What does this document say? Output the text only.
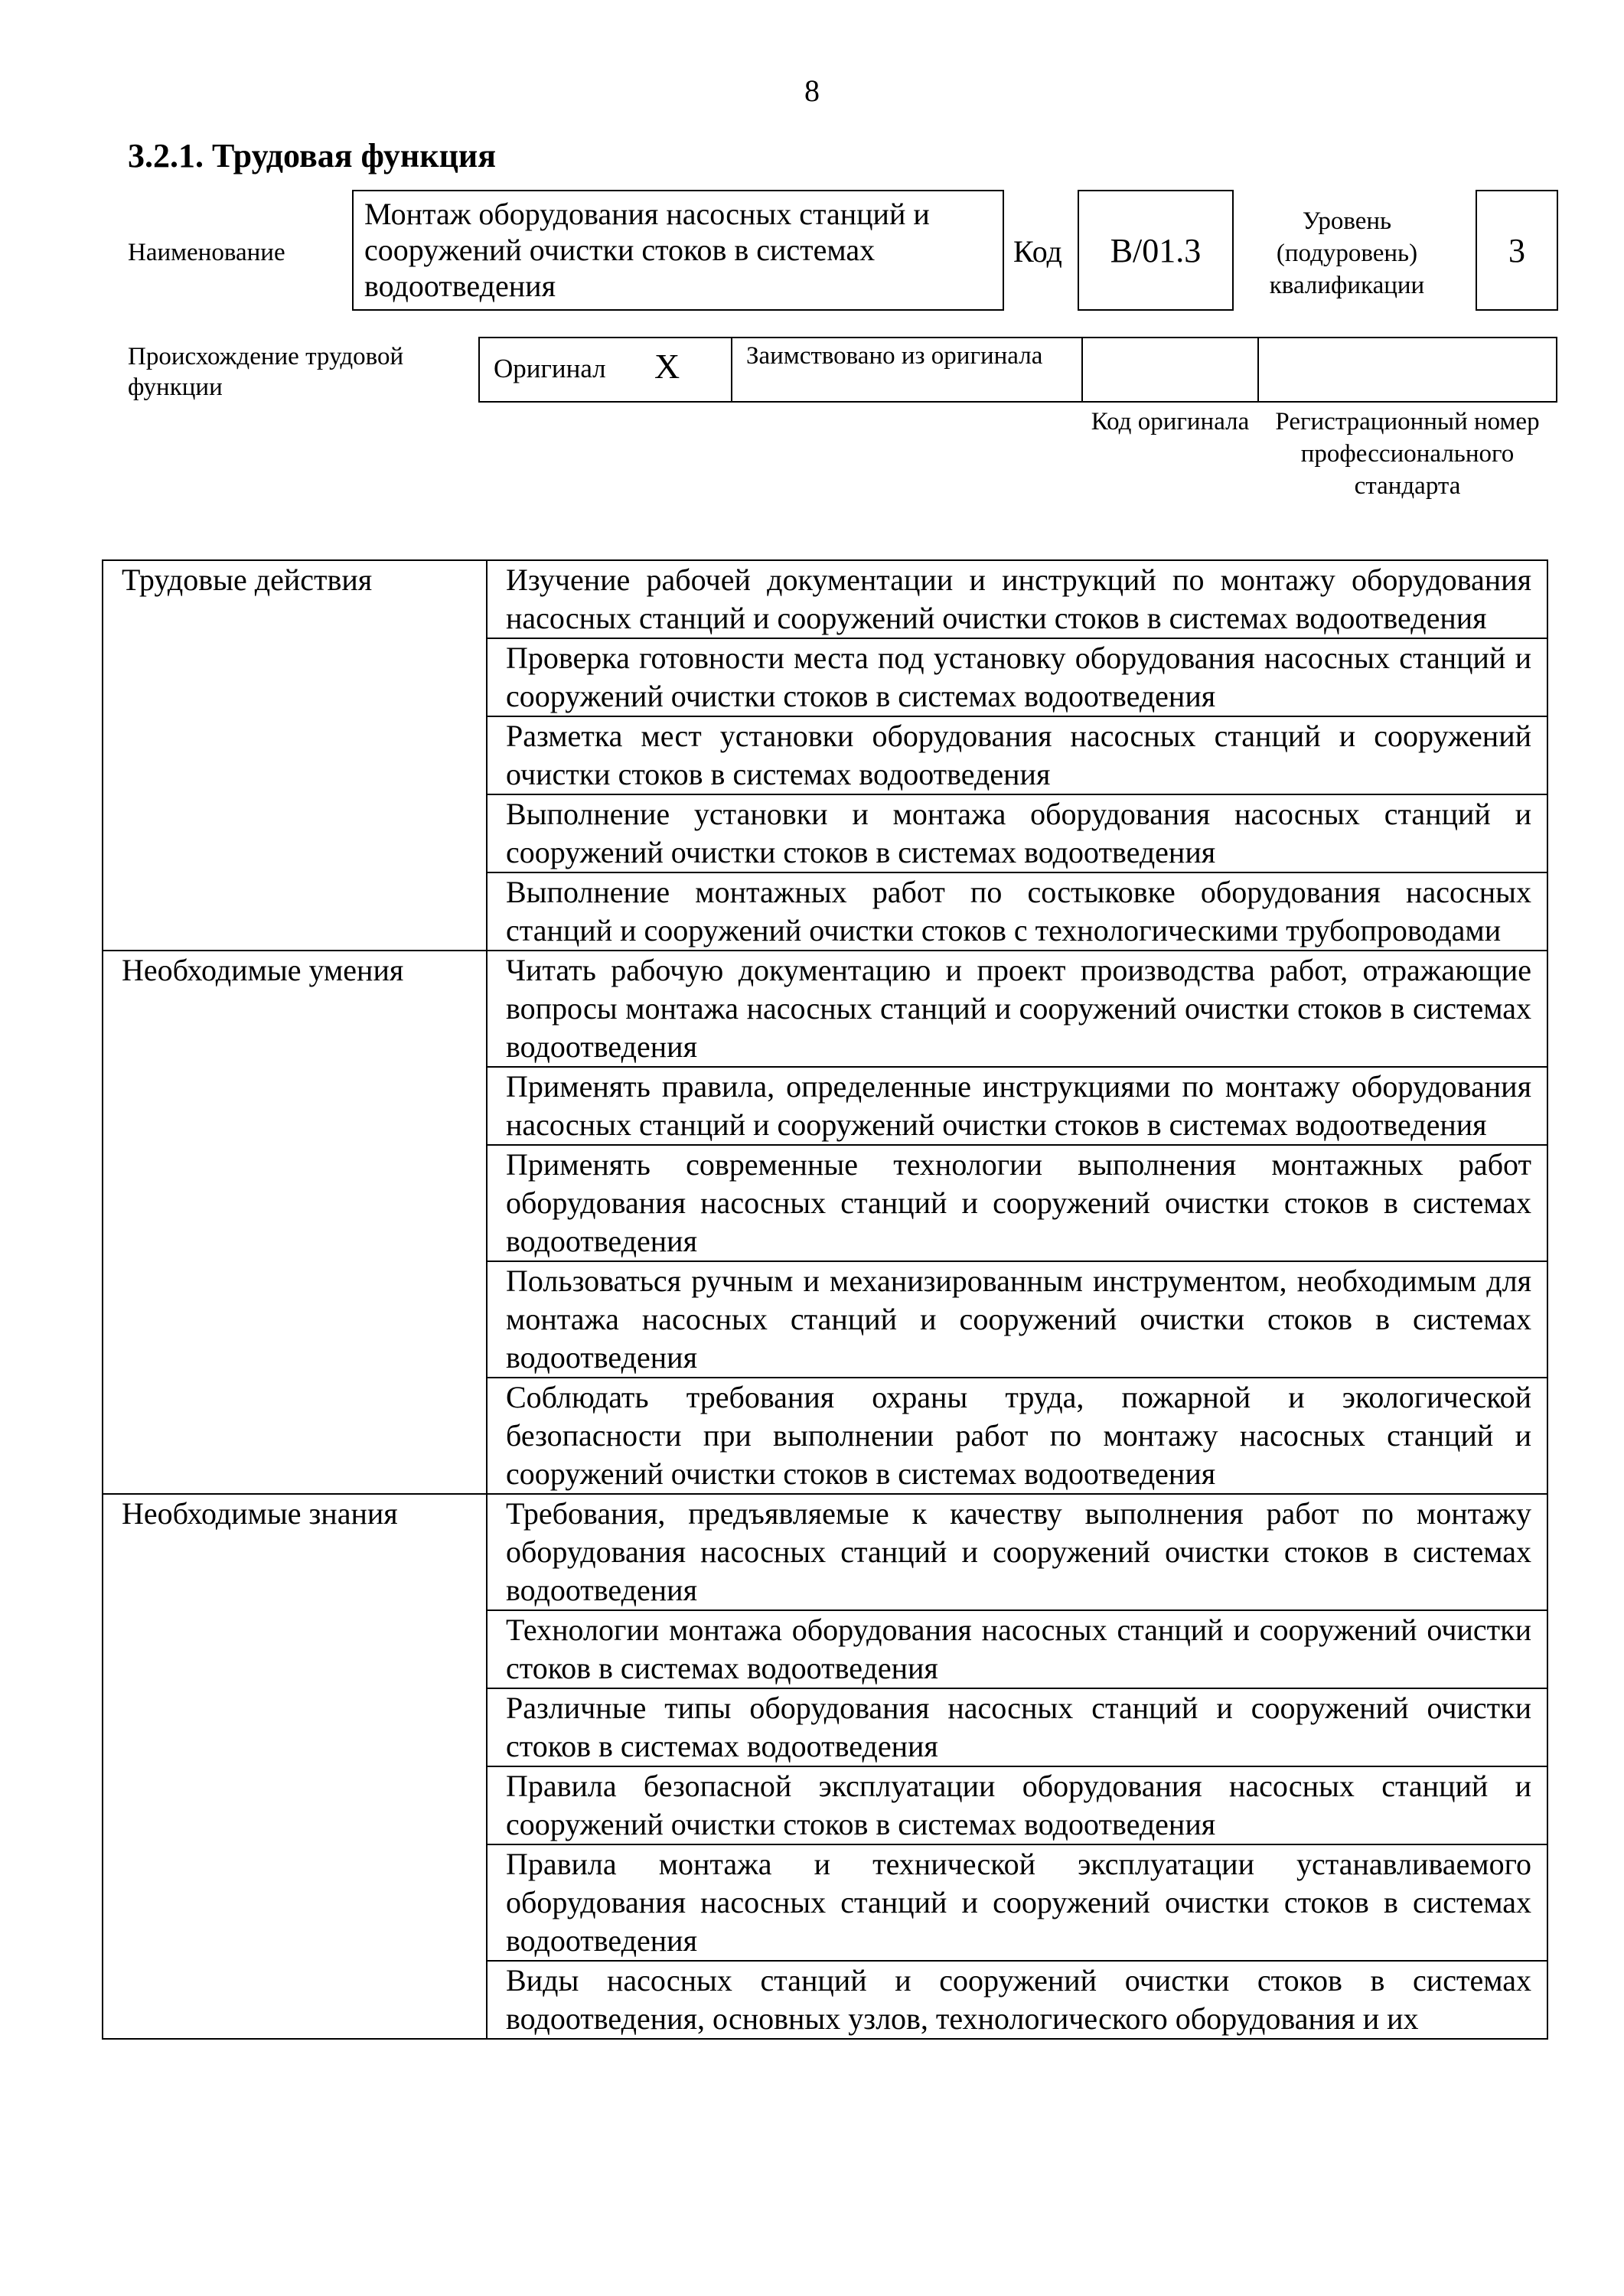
8
3.2.1. Трудовая функция
Наименование
Монтаж оборудования насосных станций и сооружений очистки стоков в системах водоотведения
Код B/01.3
Уровень (подуровень) квалификации
3
Происхождение трудовой функции
Оригинал X	Заимствовано из оригинала
Код оригинала	Регистрационный номер профессионального стандарта
Трудовые действия	Изучение рабочей документации и инструкций по монтажу оборудования насосных станций и сооружений очистки стоков в системах водоотведения
	Проверка готовности места под установку оборудования насосных станций и сооружений очистки стоков в системах водоотведения
	Разметка мест установки оборудования насосных станций и сооружений очистки стоков в системах водоотведения
	Выполнение установки и монтажа оборудования насосных станций и сооружений очистки стоков в системах водоотведения
	Выполнение монтажных работ по состыковке оборудования насосных станций и сооружений очистки стоков с технологическими трубопроводами
Необходимые умения	Читать рабочую документацию и проект производства работ, отражающие вопросы монтажа насосных станций и сооружений очистки стоков в системах водоотведения
	Применять правила, определенные инструкциями по монтажу оборудования насосных станций и сооружений очистки стоков в системах водоотведения
	Применять современные технологии выполнения монтажных работ оборудования насосных станций и сооружений очистки стоков в системах водоотведения
	Пользоваться ручным и механизированным инструментом, необходимым для монтажа насосных станций и сооружений очистки стоков в системах водоотведения
	Соблюдать требования охраны труда, пожарной и экологической безопасности при выполнении работ по монтажу насосных станций и сооружений очистки стоков в системах водоотведения
Необходимые знания	Требования, предъявляемые к качеству выполнения работ по монтажу оборудования насосных станций и сооружений очистки стоков в системах водоотведения
	Технологии монтажа оборудования насосных станций и сооружений очистки стоков в системах водоотведения
	Различные типы оборудования насосных станций и сооружений очистки стоков в системах водоотведения
	Правила безопасной эксплуатации оборудования насосных станций и сооружений очистки стоков в системах водоотведения
	Правила монтажа и технической эксплуатации устанавливаемого оборудования насосных станций и сооружений очистки стоков в системах водоотведения
	Виды насосных станций и сооружений очистки стоков в системах водоотведения, основных узлов, технологического оборудования и их
